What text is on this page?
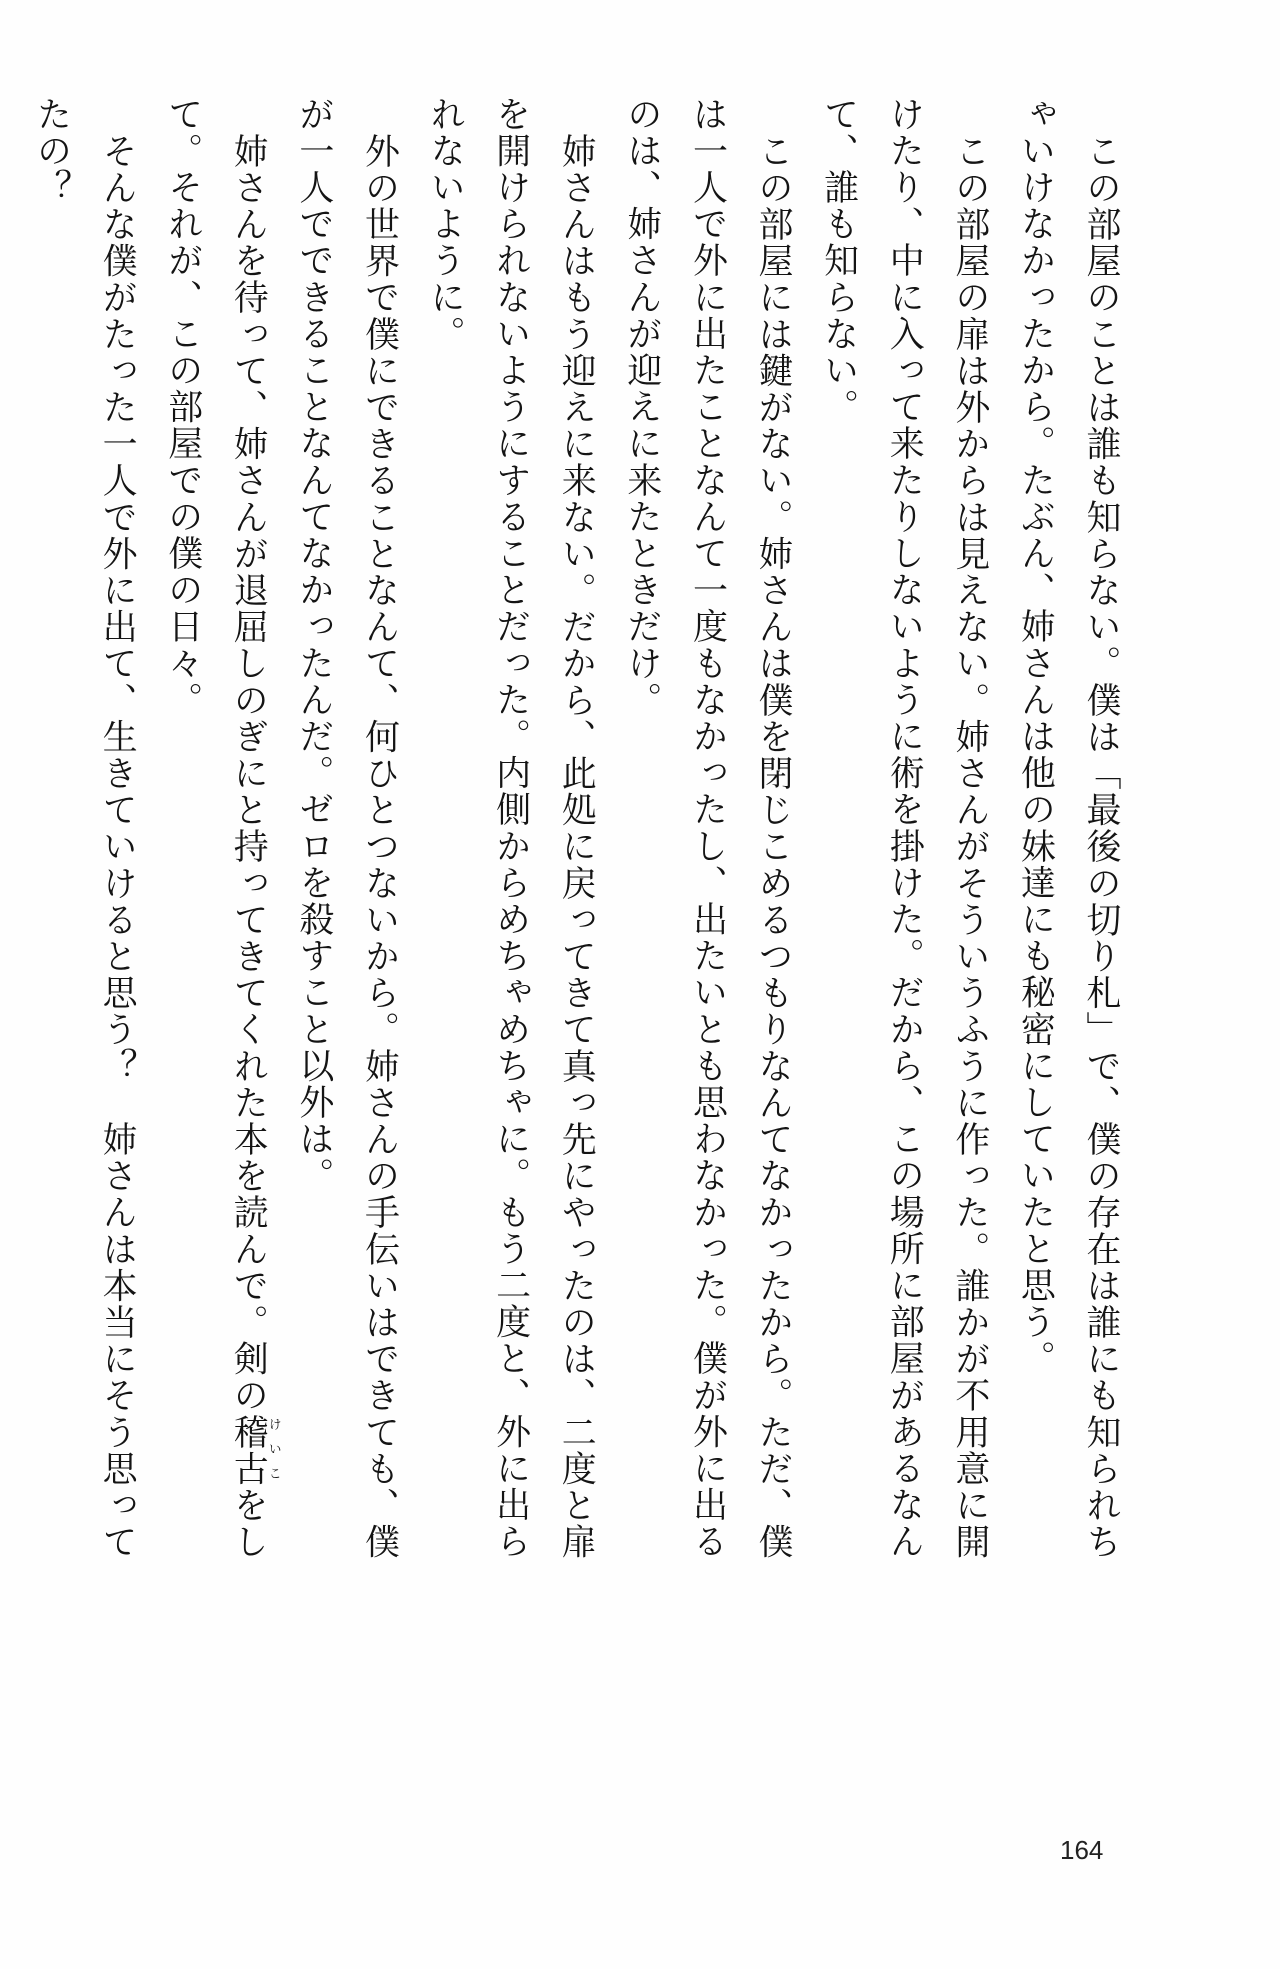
この部屋のことは誰も知らない。僕は「最後の切り札」で、僕の存在は誰にも知られち
ゃいけなかったから。たぶん、姉さんは他の妹達にも秘密にしていたと思う。
この部屋の扉は外からは見えない。姉さんがそういうふうに作った。誰かが不用意に開
けたり、中に入って来たりしないように術を掛けた。だから、この場所に部屋があるなん
て、誰も知らない。
この部屋には鍵がない。姉さんは僕を閉じこめるつもりなんてなかったから。ただ、僕
は一人で外に出たことなんて一度もなかったし、出たいとも思わなかった。僕が外に出る
のは、姉さんが迎えに来たときだけ。
姉さんはもう迎えに来ない。だから、此処に戻ってきて真っ先にやったのは、二度と扉
を開けられないようにすることだった。内側からめちゃめちゃに。もう二度と、外に出ら
れないように。
外の世界で僕にできることなんて、何ひとつないから。姉さんの手伝いはできても、僕
が一人でできることなんてなかったんだ。ゼロを殺すこと以外は。
姉さんを待って、姉さんが退屈しのぎにと持ってきてくれた本を読んで。剣の稽古けいこをし
て。それが、この部屋での僕の日々。
そんな僕がたった一人で外に出て、生きていけると思う？　姉さんは本当にそう思って
たの？
164
